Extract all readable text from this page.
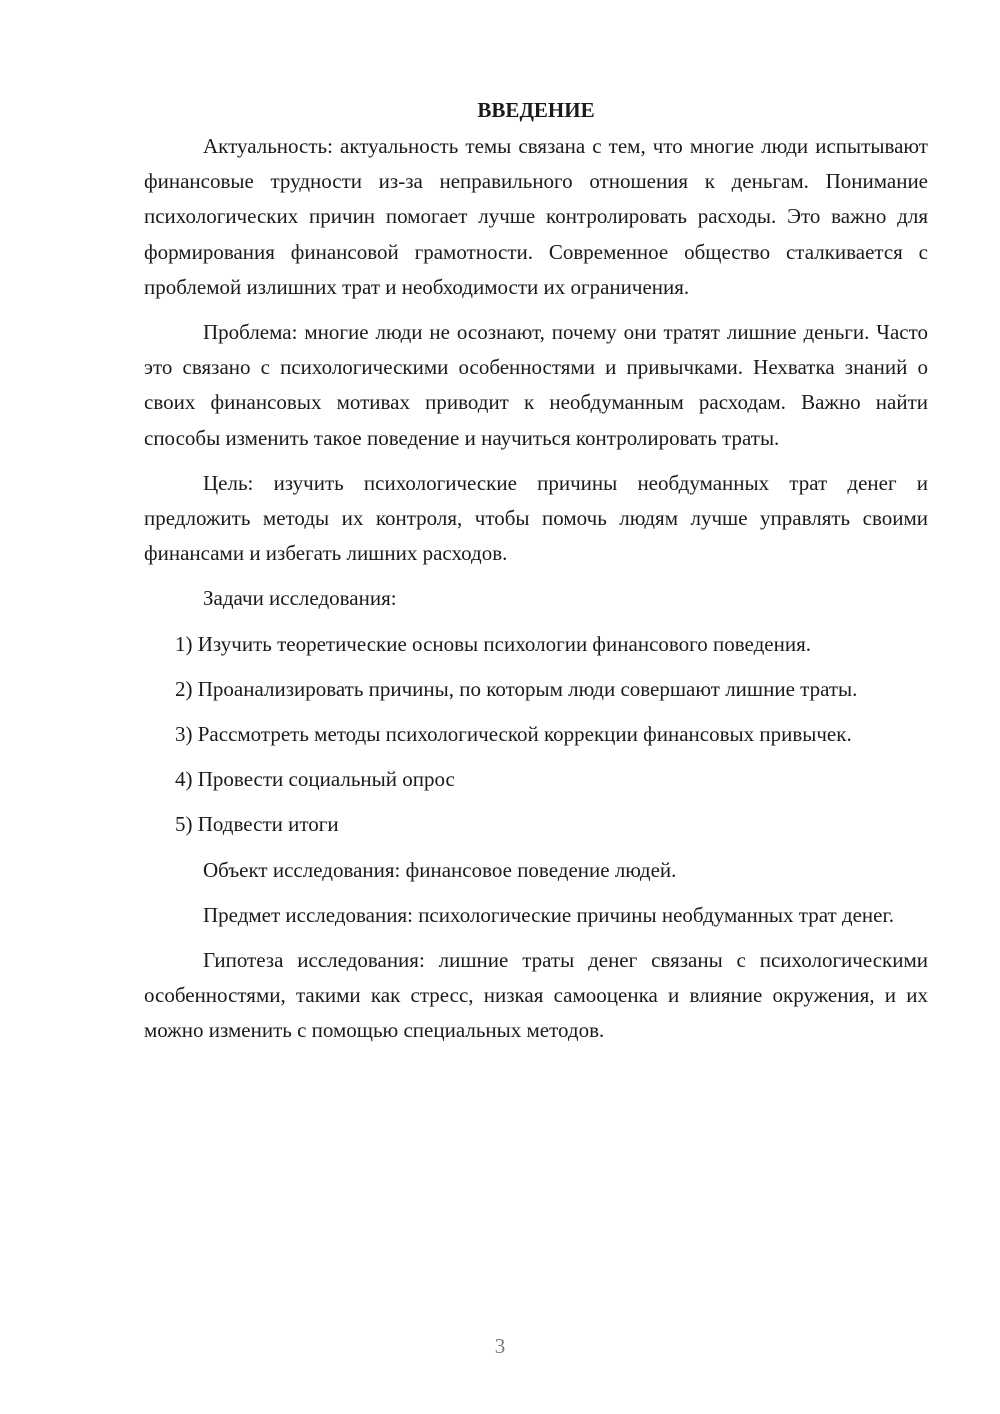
ВВЕДЕНИЕ

Актуальность: актуальность темы связана с тем, что многие люди испытывают финансовые трудности из-за неправильного отношения к деньгам. Понимание психологических причин помогает лучше контролировать расходы. Это важно для формирования финансовой грамотности. Современное общество сталкивается с проблемой излишних трат и необходимости их ограничения.

Проблема: многие люди не осознают, почему они тратят лишние деньги. Часто это связано с психологическими особенностями и привычками. Нехватка знаний о своих финансовых мотивах приводит к необдуманным расходам. Важно найти способы изменить такое поведение и научиться контролировать траты.

Цель: изучить психологические причины необдуманных трат денег и предложить методы их контроля, чтобы помочь людям лучше управлять своими финансами и избегать лишних расходов.

Задачи исследования:

1) Изучить теоретические основы психологии финансового поведения.

2) Проанализировать причины, по которым люди совершают лишние траты.

3) Рассмотреть методы психологической коррекции финансовых привычек.

4) Провести социальный опрос

5) Подвести итоги

Объект исследования: финансовое поведение людей.

Предмет исследования: психологические причины необдуманных трат денег.

Гипотеза исследования: лишние траты денег связаны с психологическими особенностями, такими как стресс, низкая самооценка и влияние окружения, и их можно изменить с помощью специальных методов.

3
